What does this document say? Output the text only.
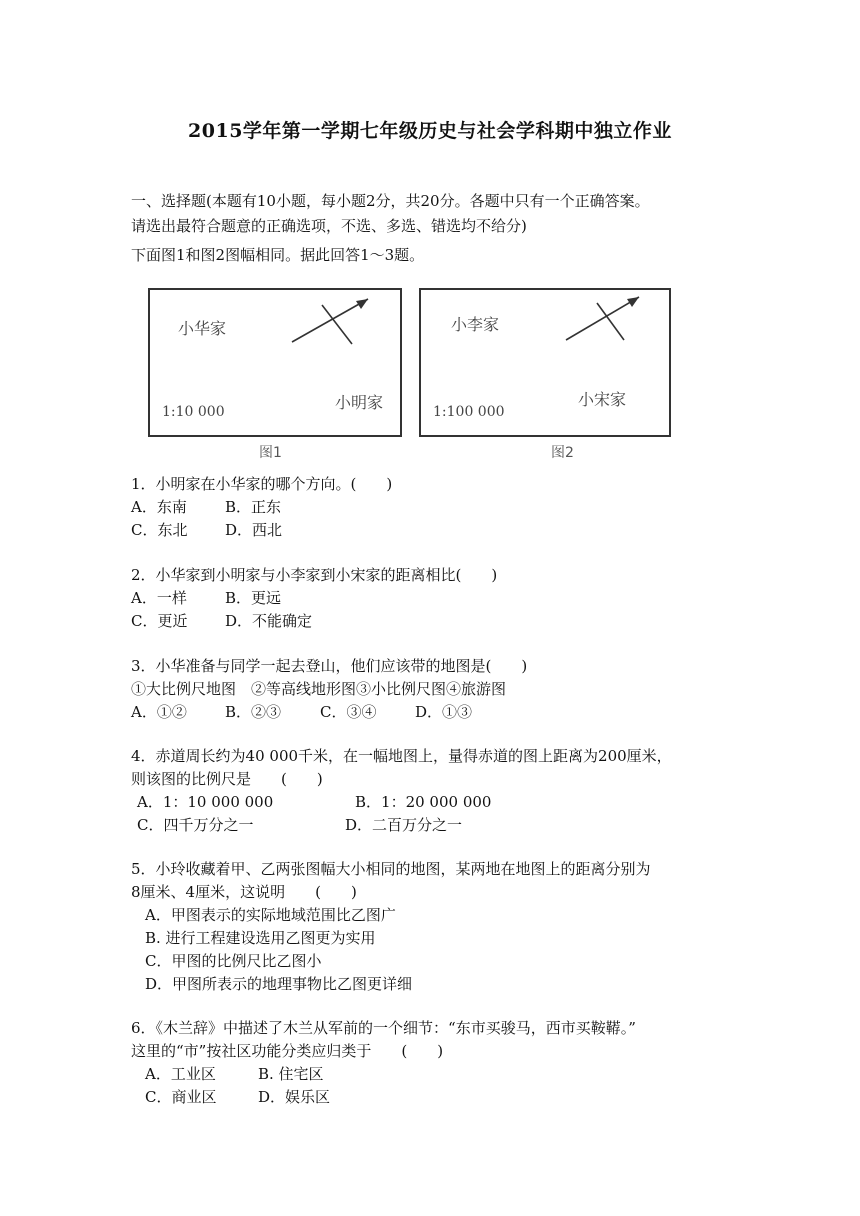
2015学年第一学期七年级历史与社会学科期中独立作业
一、选择题(本题有10小题，每小题2分，共20分。各题中只有一个正确答案。
请选出最符合题意的正确选项，不选、多选、错选均不给分)
下面图1和图2图幅相同。据此回答1～3题。
小华家
小明家
1:10 000
图1
小李家
小宋家
1:100 000
图2
1．小明家在小华家的哪个方向。(　　)
A．东南	B．正东
C．东北	D．西北
2．小华家到小明家与小李家到小宋家的距离相比(　　)
A．一样	B．更远
C．更近	D．不能确定
3．小华准备与同学一起去登山，他们应该带的地图是(　　)
①大比例尺地图　②等高线地形图③小比例尺图④旅游图
A．①②	B．②③	C．③④	D．①③
4．赤道周长约为40 000千米，在一幅地图上，量得赤道的图上距离为200厘米，
则该图的比例尺是　　(　　)
A．1：10 000 000	B．1：20 000 000
C．四千万分之一	D．二百万分之一
5．小玲收藏着甲、乙两张图幅大小相同的地图，某两地在地图上的距离分别为
8厘米、4厘米，这说明　　(　　)
A．甲图表示的实际地域范围比乙图广
B. 进行工程建设选用乙图更为实用
C．甲图的比例尺比乙图小
D．甲图所表示的地理事物比乙图更详细
6．《木兰辞》中描述了木兰从军前的一个细节：“东市买骏马，西市买鞍鞯。”
这里的“市”按社区功能分类应归类于　　(　　)
A．工业区	B. 住宅区
C．商业区	D．娱乐区
